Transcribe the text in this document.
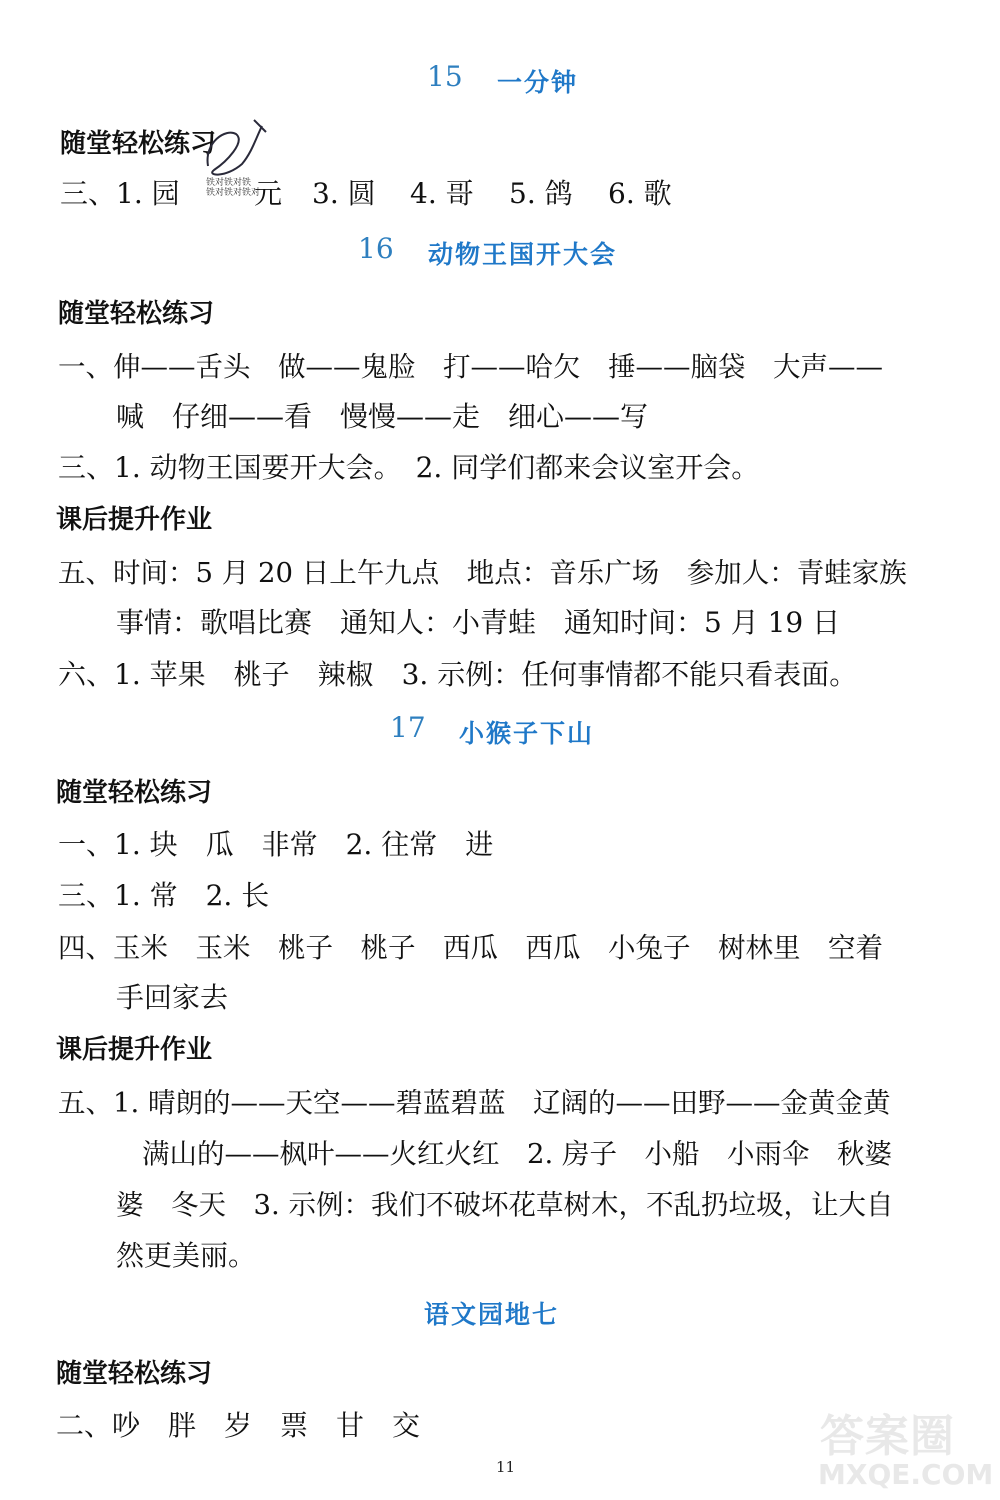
15 一分钟
随堂轻松练习
三、1. 园	铁对铁对铁
铁对铁对铁对
元 3. 圆 4. 哥 5. 鸽 6. 歌
16 动物王国开大会
随堂轻松练习
一、伸——舌头　做——鬼脸　打——哈欠　捶——脑袋　大声——
喊　仔细——看　慢慢——走　细心——写
三、1. 动物王国要开大会。　2. 同学们都来会议室开会。
课后提升作业
五、时间：5 月 20 日上午九点　地点：音乐广场　参加人：青蛙家族
事情：歌唱比赛　通知人：小青蛙　通知时间：5 月 19 日
六、1. 苹果　桃子　辣椒　3. 示例：任何事情都不能只看表面。
17 小猴子下山
随堂轻松练习
一、1. 块　瓜　非常　2. 往常　进
三、1. 常　2. 长
四、玉米　玉米　桃子　桃子　西瓜　西瓜　小兔子　树林里　空着
手回家去
课后提升作业
五、1. 晴朗的——天空——碧蓝碧蓝　辽阔的——田野——金黄金黄
满山的——枫叶——火红火红　2. 房子　小船　小雨伞　秋婆
婆　冬天　3. 示例：我们不破坏花草树木，不乱扔垃圾，让大自
然更美丽。
语文园地七
随堂轻松练习
二、吵　胖　岁　票　甘　交
11
答案圈
MXQE.COM
